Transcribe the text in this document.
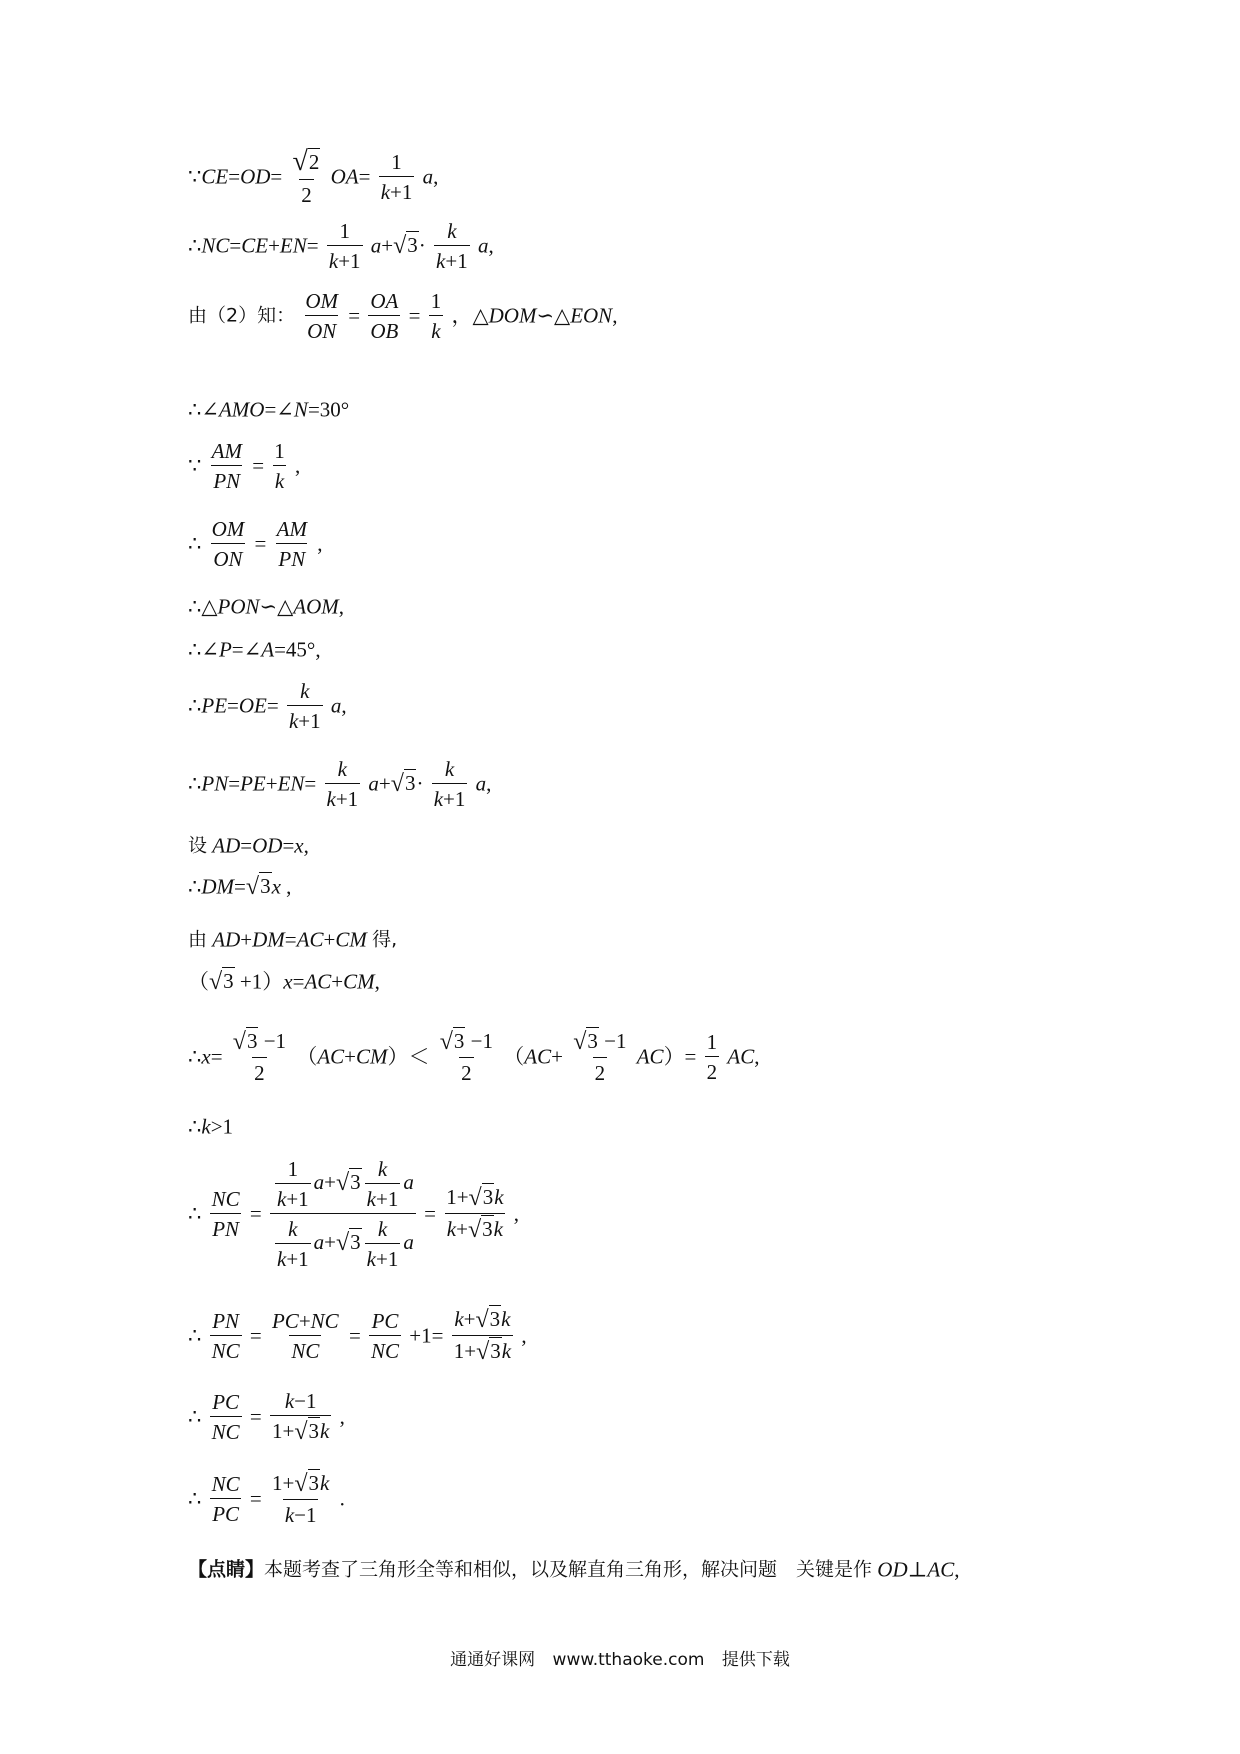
∵CE=OD= $\frac{√2}{2} OA= \frac{1}{k+1} a$,
∴NC=CE+EN= $\frac{1}{k+1} a+√3\cdot \frac{k}{k+1} a$,
由（2）知： $\frac{OM}{ON} = \frac{OA}{OB} = \frac{1}{k}$ ，△DOM∽△EON,
∴∠AMO=∠N=30°
∵ $\frac{AM}{PN} = \frac{1}{k}$ ,
∴ $\frac{OM}{ON} = \frac{AM}{PN}$ ,
∴△PON∽△AOM,
∴∠P=∠A=45°,
∴PE=OE= $\frac{k}{k+1} a$,
∴PN=PE+EN= $\frac{k}{k+1} a+√3\cdot \frac{k}{k+1} a$,
设 AD=OD=x,
∴DM=√3x ,
由 AD+DM=AC+CM 得,
（√3 +1）x=AC+CM,
∴x= $\frac{√3 -1}{2} (AC+CM)< \frac{√3 -1}{2} (AC+ \frac{√3 -1}{2} AC)= \frac{1}{2}$ AC,
∴k>1
∴ $\frac{NC}{PN} = \frac{\frac{1}{k+1} a+√3 \frac{k}{k+1} a}{\frac{k}{k+1} a+√3 \frac{k}{k+1} a} = \frac{1+√3k}{k+√3k}$ ,
∴ $\frac{PN}{NC} = \frac{PC+NC}{NC} = \frac{PC}{NC} +1= \frac{k+√3k}{1+√3k}$ ,
∴ $\frac{PC}{NC} = \frac{k-1}{1+√3k}$ ,
∴ $\frac{NC}{PC} = \frac{1+√3k}{k-1}$ .
【点睛】本题考查了三角形全等和相似，以及解直角三角形，解决问题　关键是作 OD⊥AC,
通通好课网 www.tthaoke.com 提供下载
